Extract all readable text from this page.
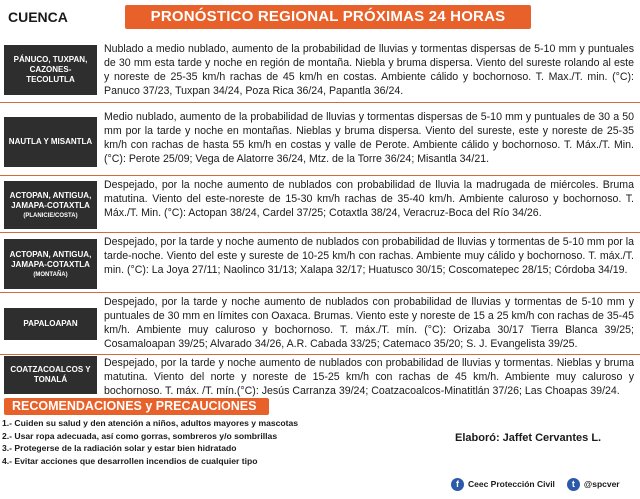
CUENCA	PRONÓSTICO REGIONAL PRÓXIMAS 24 HORAS
PÁNUCO, TUXPAN, CAZONES-TECOLUTLA
Nublado a medio nublado, aumento de la probabilidad de lluvias y tormentas dispersas de 5-10 mm y puntuales de 30 mm esta tarde y noche en región de montaña. Niebla y bruma dispersa. Viento del sureste rolando al este y noreste de 25-35 km/h rachas de 45 km/h en costas. Ambiente cálido y bochornoso. T. Max./T. min. (°C): Panuco 37/23, Tuxpan 34/24, Poza Rica 36/24, Papantla 36/24.
NAUTLA Y MISANTLA
Medio nublado, aumento de la probabilidad de lluvias y tormentas dispersas de 5-10 mm y puntuales de 30 a 50 mm por la tarde y noche en montañas. Nieblas y bruma dispersa. Viento del sureste, este y noreste de 25-35 km/h con rachas de hasta 55 km/h en costas y valle de Perote. Ambiente cálido y bochornoso. T. Máx./T. Min. (°C): Perote 25/09; Vega de Alatorre 36/24, Mtz. de la Torre 36/24; Misantla 34/21.
ACTOPAN, ANTIGUA, JAMAPA-COTAXTLA
(PLANICIE/COSTA)
Despejado, por la noche aumento de nublados con probabilidad de lluvia la madrugada de miércoles. Bruma matutina. Viento del este-noreste de 15-30 km/h rachas de 35-40 km/h. Ambiente caluroso y bochornoso. T. Máx./T. Min. (°C): Actopan 38/24, Cardel 37/25; Cotaxtla 38/24, Veracruz-Boca del Río 34/26.
ACTOPAN, ANTIGUA, JAMAPA-COTAXTLA
(MONTAÑA)
Despejado, por la tarde y noche aumento de nublados con probabilidad de lluvias y tormentas de 5-10 mm por la tarde-noche. Viento del este y sureste de 10-25 km/h con rachas. Ambiente muy cálido y bochornoso. T. máx./T. min. (°C): La Joya 27/11; Naolinco 31/13; Xalapa 32/17; Huatusco 30/15; Coscomatepec 28/15; Córdoba 34/19.
PAPALOAPAN
Despejado, por la tarde y noche aumento de nublados con probabilidad de lluvias y tormentas de 5-10 mm y puntuales de 30 mm en límites con Oaxaca. Brumas. Viento este y noreste de 15 a 25 km/h con rachas de 35-45 km/h. Ambiente muy caluroso y bochornoso. T. máx./T. mín. (°C): Orizaba 30/17 Tierra Blanca 39/25; Cosamaloapan 39/25; Alvarado 34/26, A.R. Cabada 33/25; Catemaco 35/20; S. J. Evangelista 39/25.
COATZACOALCOS Y TONALÁ
Despejado, por la tarde y noche aumento de nublados con probabilidad de lluvias y tormentas. Nieblas y bruma matutina. Viento del norte y noreste de 15-25 km/h con rachas de 45 km/h. Ambiente muy caluroso y bochornoso. T. máx. /T. mín.(°C): Jesús Carranza 39/24; Coatzacoalcos-Minatitlán 37/26; Las Choapas 39/24.
RECOMENDACIONES y PRECAUCIONES
1.- Cuiden su salud y den atención a niños, adultos mayores y mascotas
2.- Usar ropa adecuada, así como gorras, sombreros y/o sombrillas
3.- Protegerse de la radiación solar y estar bien hidratado
4.- Evitar acciones que desarrollen incendios de cualquier tipo
Elaboró: Jaffet Cervantes L.
f	Ceec Protección Civil	t	@spcver
